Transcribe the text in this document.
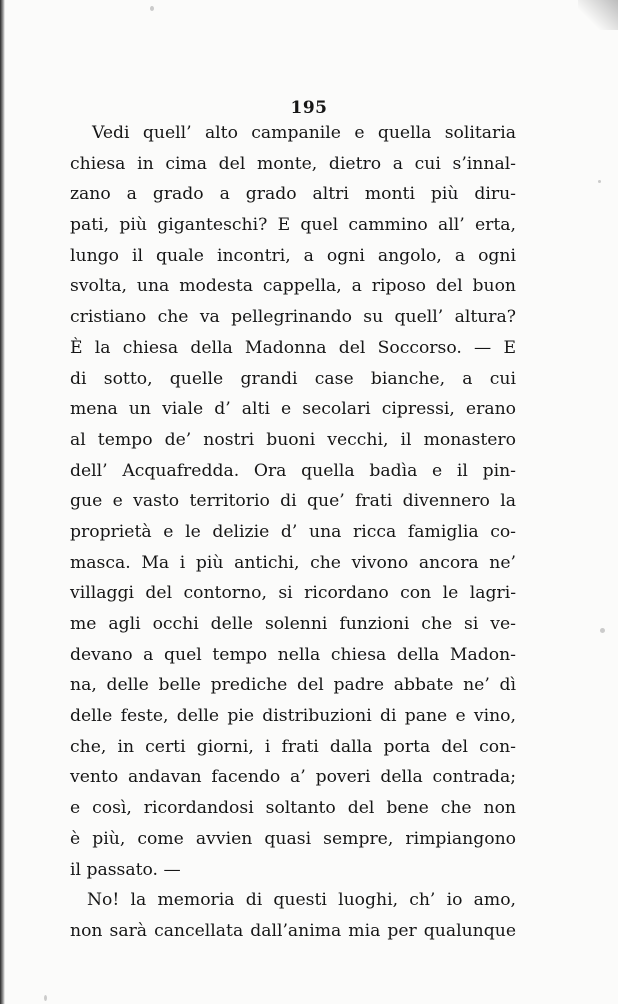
195

Vedi quell’ alto campanile e quella solitaria
chiesa in cima del monte, dietro a cui s’innal-
zano a grado a grado altri monti più diru-
pati, più giganteschi? E quel cammino all’ erta,
lungo il quale incontri, a ogni angolo, a ogni
svolta, una modesta cappella, a riposo del buon
cristiano che va pellegrinando su quell’ altura?
È la chiesa della Madonna del Soccorso. — E
di sotto, quelle grandi case bianche, a cui
mena un viale d’ alti e secolari cipressi, erano
al tempo de’ nostri buoni vecchi, il monastero
dell’ Acquafredda. Ora quella badìa e il pin-
gue e vasto territorio di que’ frati divennero la
proprietà e le delizie d’ una ricca famiglia co-
masca. Ma i più antichi, che vivono ancora ne’
villaggi del contorno, si ricordano con le lagri-
me agli occhi delle solenni funzioni che si ve-
devano a quel tempo nella chiesa della Madon-
na, delle belle prediche del padre abbate ne’ dì
delle feste, delle pie distribuzioni di pane e vino,
che, in certi giorni, i frati dalla porta del con-
vento andavan facendo a’ poveri della contrada;
e così, ricordandosi soltanto del bene che non
è più, come avvien quasi sempre, rimpiangono
il passato. —
No! la memoria di questi luoghi, ch’ io amo,
non sarà cancellata dall’anima mia per qualunque
